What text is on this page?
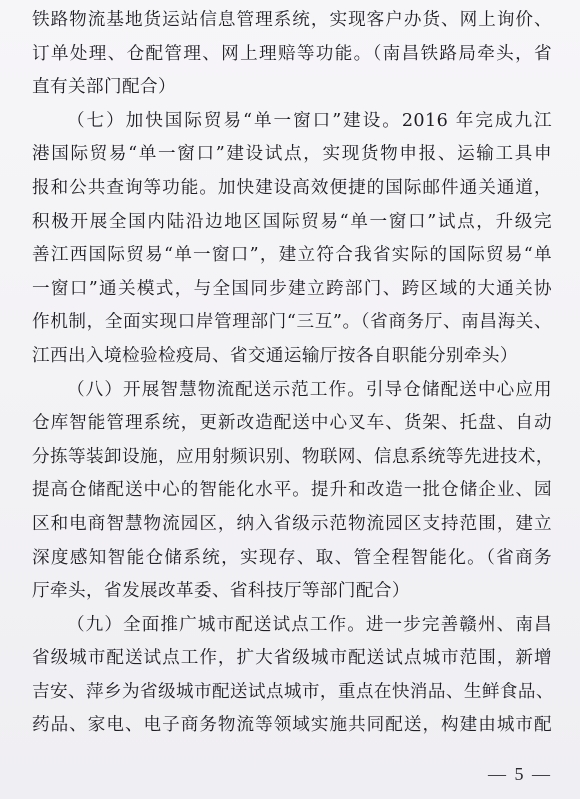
铁路物流基地货运站信息管理系统，实现客户办货、网上询价、
订单处理、仓配管理、网上理赔等功能。（南昌铁路局牵头，省
直有关部门配合）
（七）加快国际贸易“单一窗口”建设。2016 年完成九江
港国际贸易“单一窗口”建设试点，实现货物申报、运输工具申
报和公共查询等功能。加快建设高效便捷的国际邮件通关通道，
积极开展全国内陆沿边地区国际贸易“单一窗口”试点，升级完
善江西国际贸易“单一窗口”，建立符合我省实际的国际贸易“单
一窗口”通关模式，与全国同步建立跨部门、跨区域的大通关协
作机制，全面实现口岸管理部门“三互”。（省商务厅、南昌海关、
江西出入境检验检疫局、省交通运输厅按各自职能分别牵头）
（八）开展智慧物流配送示范工作。引导仓储配送中心应用
仓库智能管理系统，更新改造配送中心叉车、货架、托盘、自动
分拣等装卸设施，应用射频识别、物联网、信息系统等先进技术，
提高仓储配送中心的智能化水平。提升和改造一批仓储企业、园
区和电商智慧物流园区，纳入省级示范物流园区支持范围，建立
深度感知智能仓储系统，实现存、取、管全程智能化。（省商务
厅牵头，省发展改革委、省科技厅等部门配合）
（九）全面推广城市配送试点工作。进一步完善赣州、南昌
省级城市配送试点工作，扩大省级城市配送试点城市范围，新增
吉安、萍乡为省级城市配送试点城市，重点在快消品、生鲜食品、
药品、家电、电子商务物流等领域实施共同配送，构建由城市配
— 5 —
